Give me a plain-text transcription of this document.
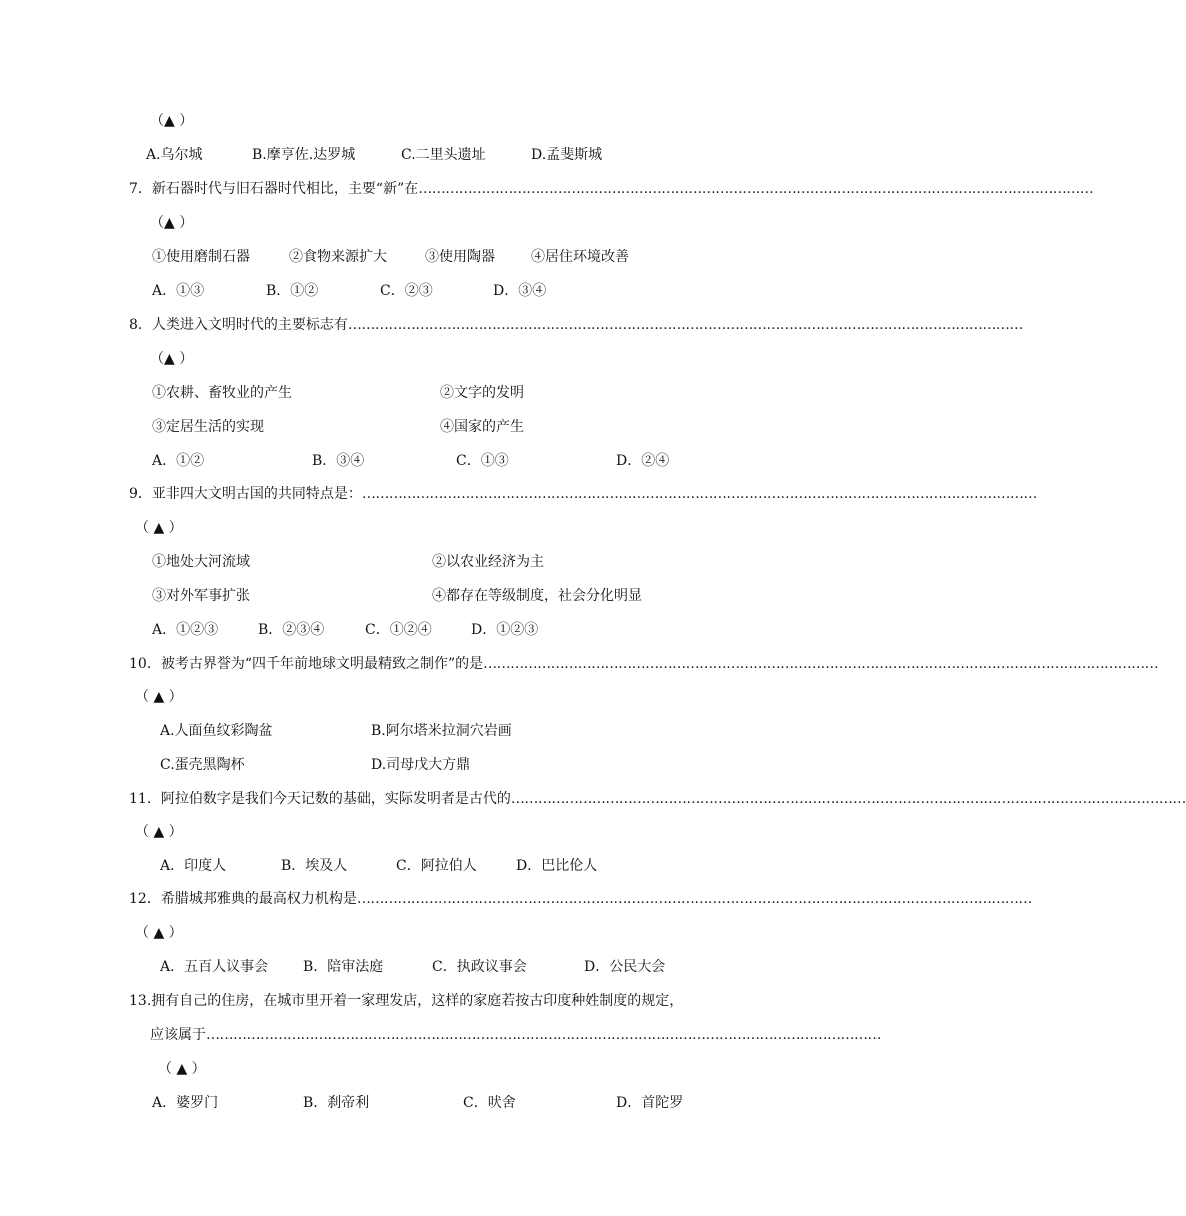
（▲ ）
A.乌尔城	B.摩亨佐.达罗城	C.二里头遗址	D.孟斐斯城
7．新石器时代与旧石器时代相比，主要“新”在 ……………………………………………………………………………………………………………………………………
（▲ ）
①使用磨制石器	②食物来源扩大	③使用陶器	④居住环境改善
A．①③	B．①②	C．②③	D．③④
8．人类进入文明时代的主要标志有 ……………………………………………………………………………………………………………………………………
（▲ ）
①农耕、畜牧业的产生	②文字的发明
③定居生活的实现	④国家的产生
A．①②	B．③④	C．①③	D．②④
9．亚非四大文明古国的共同特点是： ……………………………………………………………………………………………………………………………………
（ ▲ ）
①地处大河流域	②以农业经济为主
③对外军事扩张	④都存在等级制度，社会分化明显
A．①②③	B．②③④	C．①②④	D．①②③
10．被考古界誉为“四千年前地球文明最精致之制作”的是 ……………………………………………………………………………………………………………………………………
（ ▲ ）
A.人面鱼纹彩陶盆	B.阿尔塔米拉洞穴岩画
C.蛋壳黑陶杯	D.司母戊大方鼎
11．阿拉伯数字是我们今天记数的基础，实际发明者是古代的 ……………………………………………………………………………………………………………………………………
（ ▲ ）
A．印度人	B．埃及人	C．阿拉伯人	D．巴比伦人
12．希腊城邦雅典的最高权力机构是 ……………………………………………………………………………………………………………………………………
（ ▲ ）
A．五百人议事会 B．陪审法庭	C．执政议事会	D．公民大会
13.拥有自己的住房，在城市里开着一家理发店，这样的家庭若按古印度种姓制度的规定，
应该属于 ……………………………………………………………………………………………………………………………………
（ ▲ ）
A．婆罗门	B．刹帝利	C．吠舍	D．首陀罗
